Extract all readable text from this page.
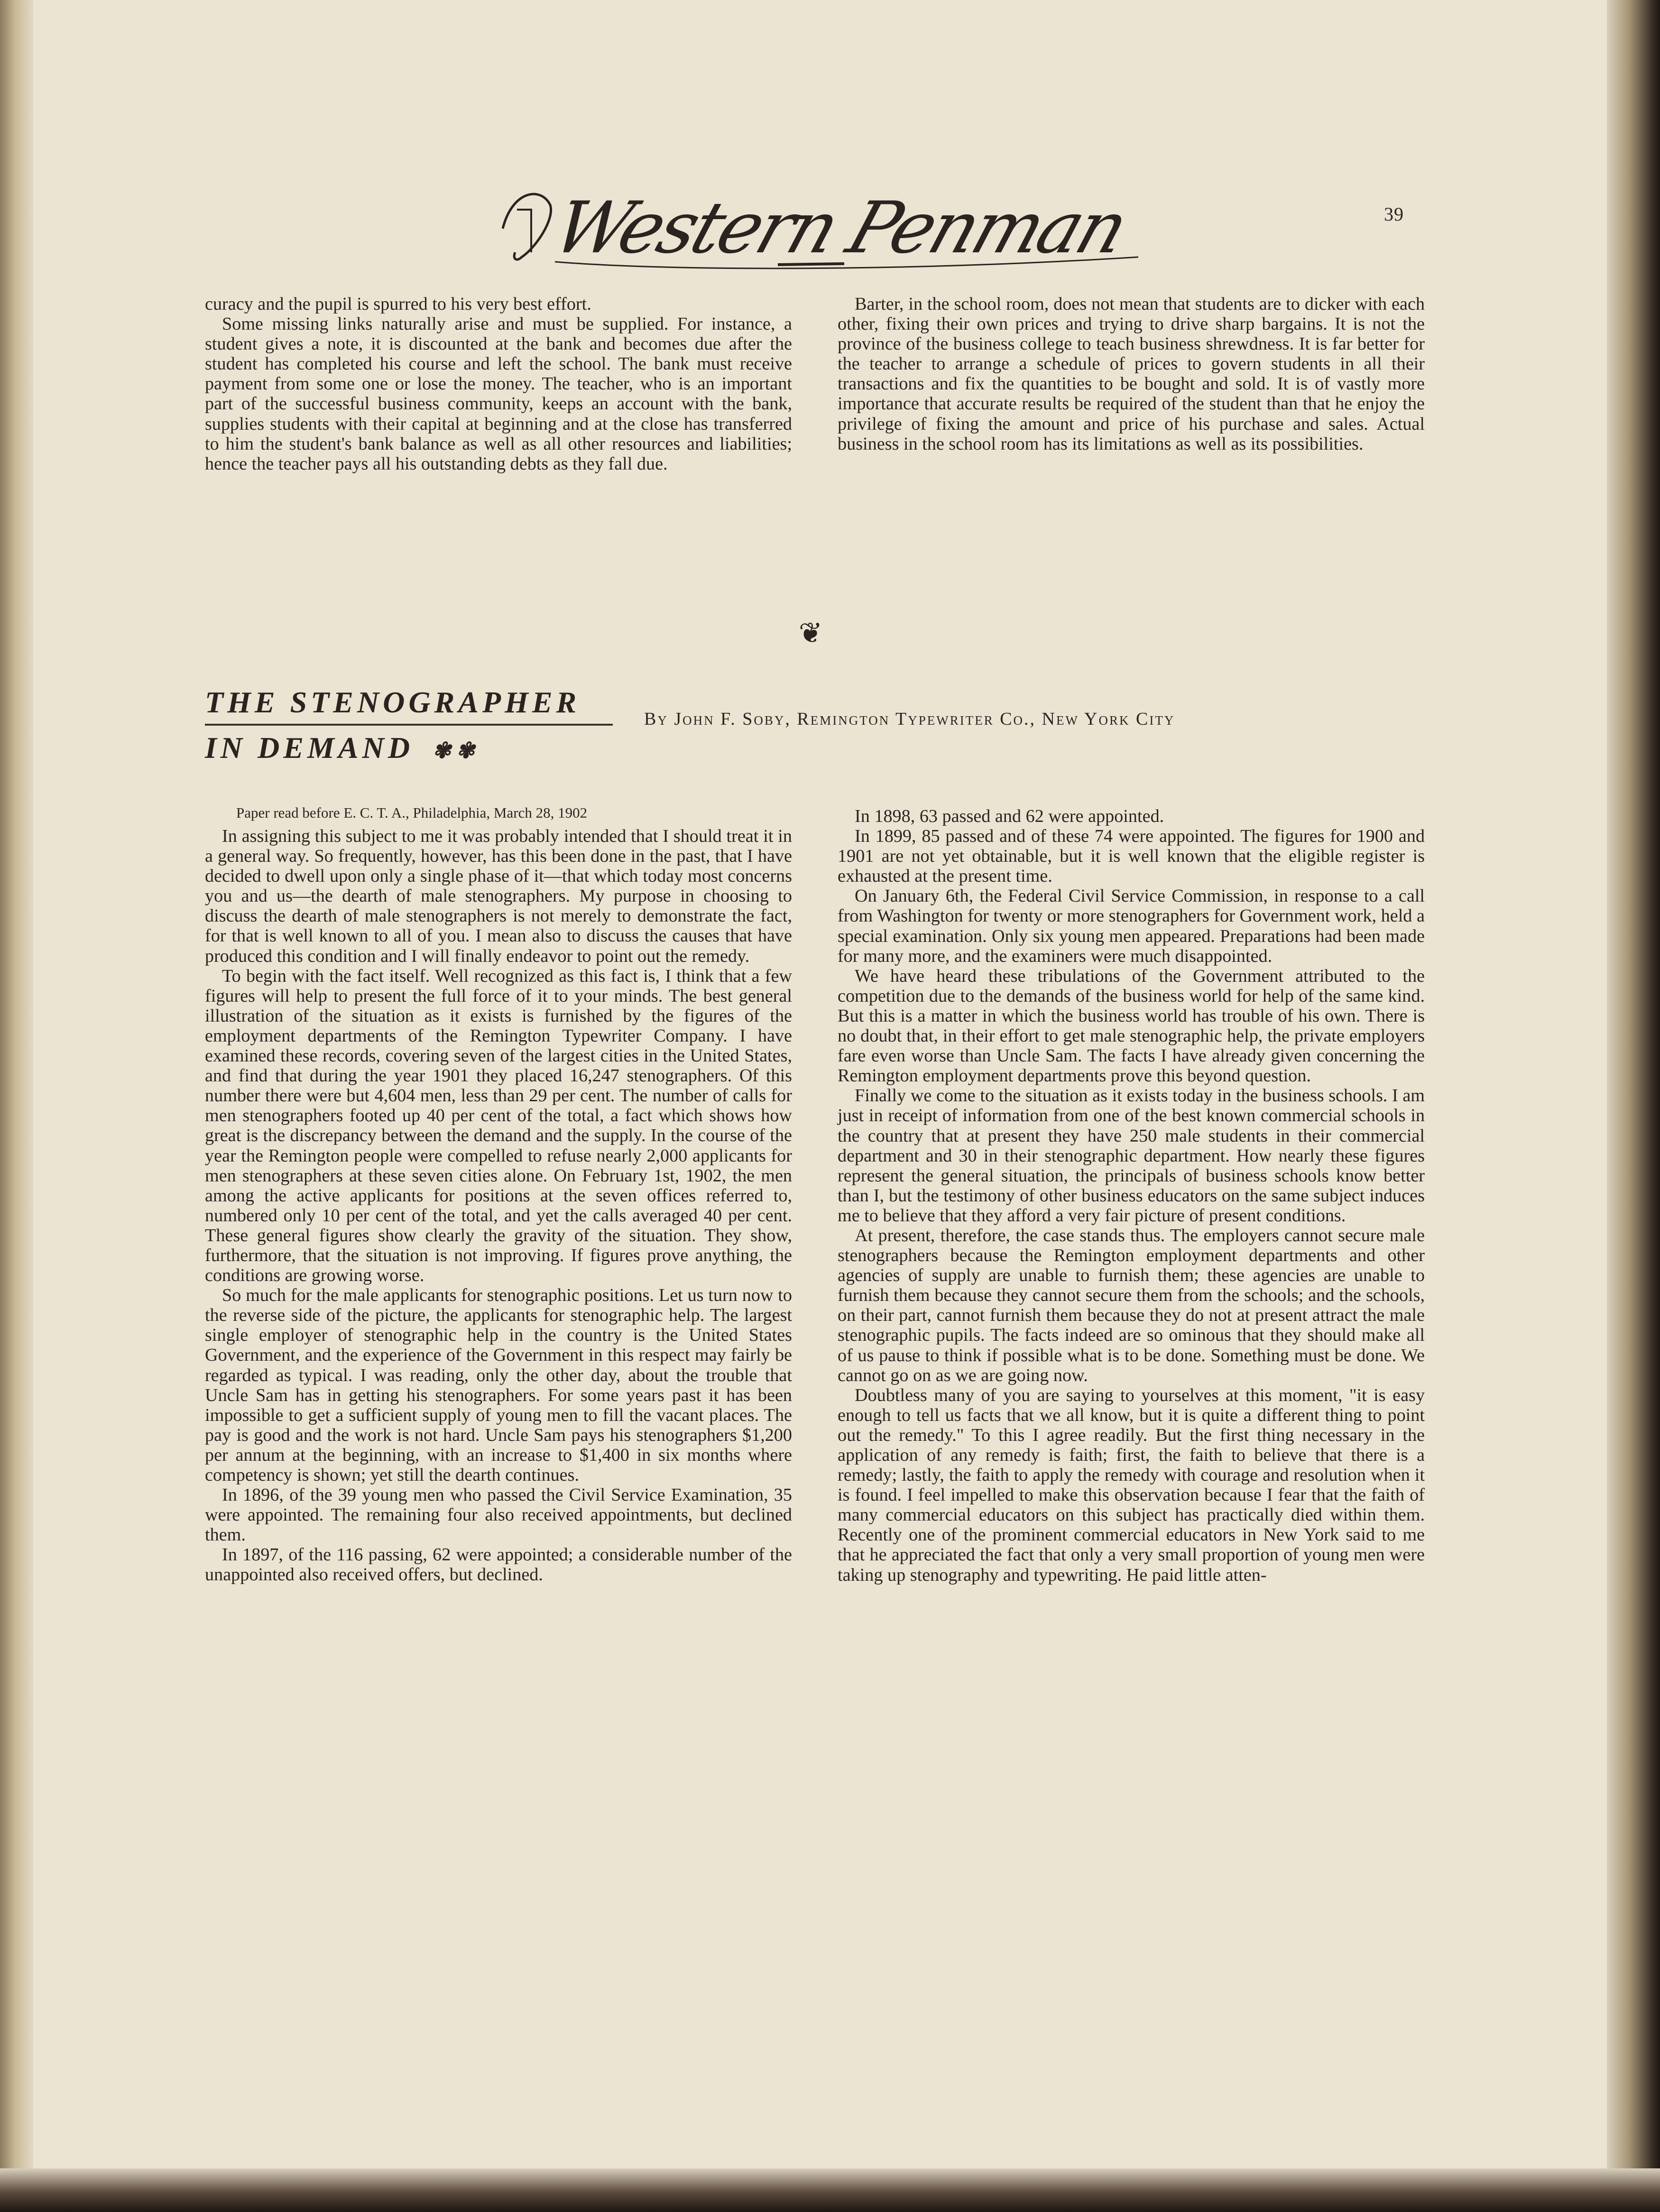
Western
Penman	39

curacy and the pupil is spurred to his very best effort.

Some missing links naturally arise and must be supplied. For instance, a student gives a note, it is discounted at the bank and becomes due after the student has completed his course and left the school. The bank must receive payment from some one or lose the money. The teacher, who is an important part of the successful business community, keeps an account with the bank, supplies students with their capital at beginning and at the close has transferred to him the student's bank balance as well as all other resources and liabilities; hence the teacher pays all his outstanding debts as they fall due.

Barter, in the school room, does not mean that students are to dicker with each other, fixing their own prices and trying to drive sharp bargains. It is not the province of the business college to teach business shrewdness. It is far better for the teacher to arrange a schedule of prices to govern students in all their transactions and fix the quantities to be bought and sold. It is of vastly more importance that accurate results be required of the student than that he enjoy the privilege of fixing the amount and price of his purchase and sales. Actual business in the school room has its limitations as well as its possibilities.

❦
THE STENOGRAPHER
IN DEMAND ✾ ✾
By John F. Soby, Remington Typewriter Co., New York City
Paper read before E. C. T. A., Philadelphia, March 28, 1902

In assigning this subject to me it was probably intended that I should treat it in a general way. So frequently, however, has this been done in the past, that I have decided to dwell upon only a single phase of it—that which today most concerns you and us—the dearth of male stenographers. My purpose in choosing to discuss the dearth of male stenographers is not merely to demonstrate the fact, for that is well known to all of you. I mean also to discuss the causes that have produced this condition and I will finally endeavor to point out the remedy.

To begin with the fact itself. Well recognized as this fact is, I think that a few figures will help to present the full force of it to your minds. The best general illustration of the situation as it exists is furnished by the figures of the employment departments of the Remington Typewriter Company. I have examined these records, covering seven of the largest cities in the United States, and find that during the year 1901 they placed 16,247 stenographers. Of this number there were but 4,604 men, less than 29 per cent. The number of calls for men stenographers footed up 40 per cent of the total, a fact which shows how great is the discrepancy between the demand and the supply. In the course of the year the Remington people were compelled to refuse nearly 2,000 applicants for men stenographers at these seven cities alone. On February 1st, 1902, the men among the active applicants for positions at the seven offices referred to, numbered only 10 per cent of the total, and yet the calls averaged 40 per cent. These general figures show clearly the gravity of the situation. They show, furthermore, that the situation is not improving. If figures prove anything, the conditions are growing worse.

So much for the male applicants for stenographic positions. Let us turn now to the reverse side of the picture, the applicants for stenographic help. The largest single employer of stenographic help in the country is the United States Government, and the experience of the Government in this respect may fairly be regarded as typical. I was reading, only the other day, about the trouble that Uncle Sam has in getting his stenographers. For some years past it has been impossible to get a sufficient supply of young men to fill the vacant places. The pay is good and the work is not hard. Uncle Sam pays his stenographers $1,200 per annum at the beginning, with an increase to $1,400 in six months where competency is shown; yet still the dearth continues.

In 1896, of the 39 young men who passed the Civil Service Examination, 35 were appointed. The remaining four also received appointments, but declined them.

In 1897, of the 116 passing, 62 were appointed; a considerable number of the unappointed also received offers, but declined.

In 1898, 63 passed and 62 were appointed.

In 1899, 85 passed and of these 74 were appointed. The figures for 1900 and 1901 are not yet obtainable, but it is well known that the eligible register is exhausted at the present time.

On January 6th, the Federal Civil Service Commission, in response to a call from Washington for twenty or more stenographers for Government work, held a special examination. Only six young men appeared. Preparations had been made for many more, and the examiners were much disappointed.

We have heard these tribulations of the Government attributed to the competition due to the demands of the business world for help of the same kind. But this is a matter in which the business world has trouble of his own. There is no doubt that, in their effort to get male stenographic help, the private employers fare even worse than Uncle Sam. The facts I have already given concerning the Remington employment departments prove this beyond question.

Finally we come to the situation as it exists today in the business schools. I am just in receipt of information from one of the best known commercial schools in the country that at present they have 250 male students in their commercial department and 30 in their stenographic department. How nearly these figures represent the general situation, the principals of business schools know better than I, but the testimony of other business educators on the same subject induces me to believe that they afford a very fair picture of present conditions.

At present, therefore, the case stands thus. The employers cannot secure male stenographers because the Remington employment departments and other agencies of supply are unable to furnish them; these agencies are unable to furnish them because they cannot secure them from the schools; and the schools, on their part, cannot furnish them because they do not at present attract the male stenographic pupils. The facts indeed are so ominous that they should make all of us pause to think if possible what is to be done. Something must be done. We cannot go on as we are going now.

Doubtless many of you are saying to yourselves at this moment, "it is easy enough to tell us facts that we all know, but it is quite a different thing to point out the remedy." To this I agree readily. But the first thing necessary in the application of any remedy is faith; first, the faith to believe that there is a remedy; lastly, the faith to apply the remedy with courage and resolution when it is found. I feel impelled to make this observation because I fear that the faith of many commercial educators on this subject has practically died within them. Recently one of the prominent commercial educators in New York said to me that he appreciated the fact that only a very small proportion of young men were taking up stenography and typewriting. He paid little atten-
